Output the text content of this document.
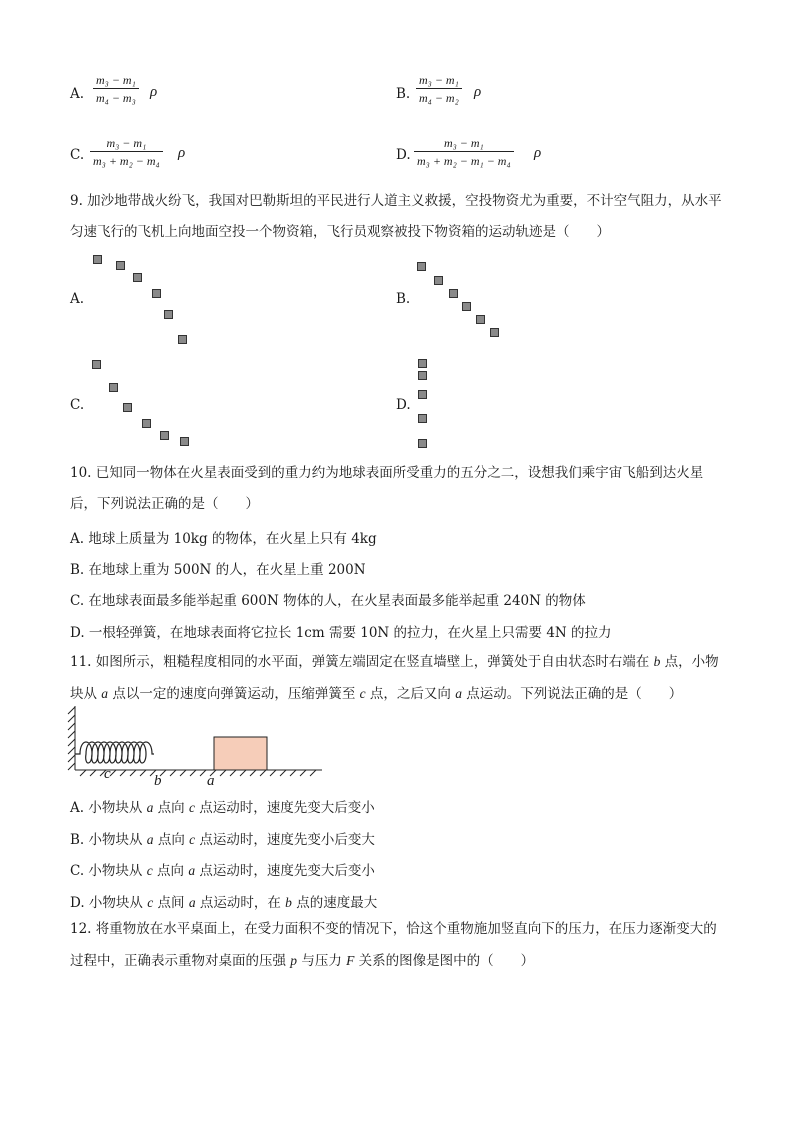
A. $\frac{\text{m₃ − m₁}}{\text{m₄ − m₃}}$ ρ	B. $\frac{\text{m₃ − m₁}}{\text{m₄ − m₂}}$ ρ
C. $\frac{\text{m₃ − m₁}}{\text{m₃ + m₂ − m₄}}$ ρ	D. $\frac{\text{m₃ − m₁}}{\text{m₃ + m₂ − m₁ − m₄}}$ ρ
9. 加沙地带战火纷飞，我国对巴勒斯坦的平民进行人道主义救援，空投物资尤为重要，不计空气阻力，从水平匀速飞行的飞机上向地面空投一个物资箱，飞行员观察被投下物资箱的运动轨迹是（　　）
A.	B.
C.	D.
10. 已知同一物体在火星表面受到的重力约为地球表面所受重力的五分之二，设想我们乘宇宙飞船到达火星后，下列说法正确的是（　　）
A. 地球上质量为 10kg 的物体，在火星上只有 4kg
B. 在地球上重为 500N 的人，在火星上重 200N
C. 在地球表面最多能举起重 600N 物体的人，在火星表面最多能举起重 240N 的物体
D. 一根轻弹簧，在地球表面将它拉长 1cm 需要 10N 的拉力，在火星上只需要 4N 的拉力
11. 如图所示，粗糙程度相同的水平面，弹簧左端固定在竖直墙壁上，弹簧处于自由状态时右端在 b 点，小物块从 a 点以一定的速度向弹簧运动，压缩弹簧至 c 点，之后又向 a 点运动。下列说法正确的是（　　）
c	b	a
A. 小物块从 a 点向 c 点运动时，速度先变大后变小
B. 小物块从 a 点向 c 点运动时，速度先变小后变大
C. 小物块从 c 点向 a 点运动时，速度先变大后变小
D. 小物块从 c 点间 a 点运动时，在 b 点的速度最大
12. 将重物放在水平桌面上，在受力面积不变的情况下，恰这个重物施加竖直向下的压力，在压力逐渐变大的过程中，正确表示重物对桌面的压强 p 与压力 F 关系的图像是图中的（　　）
